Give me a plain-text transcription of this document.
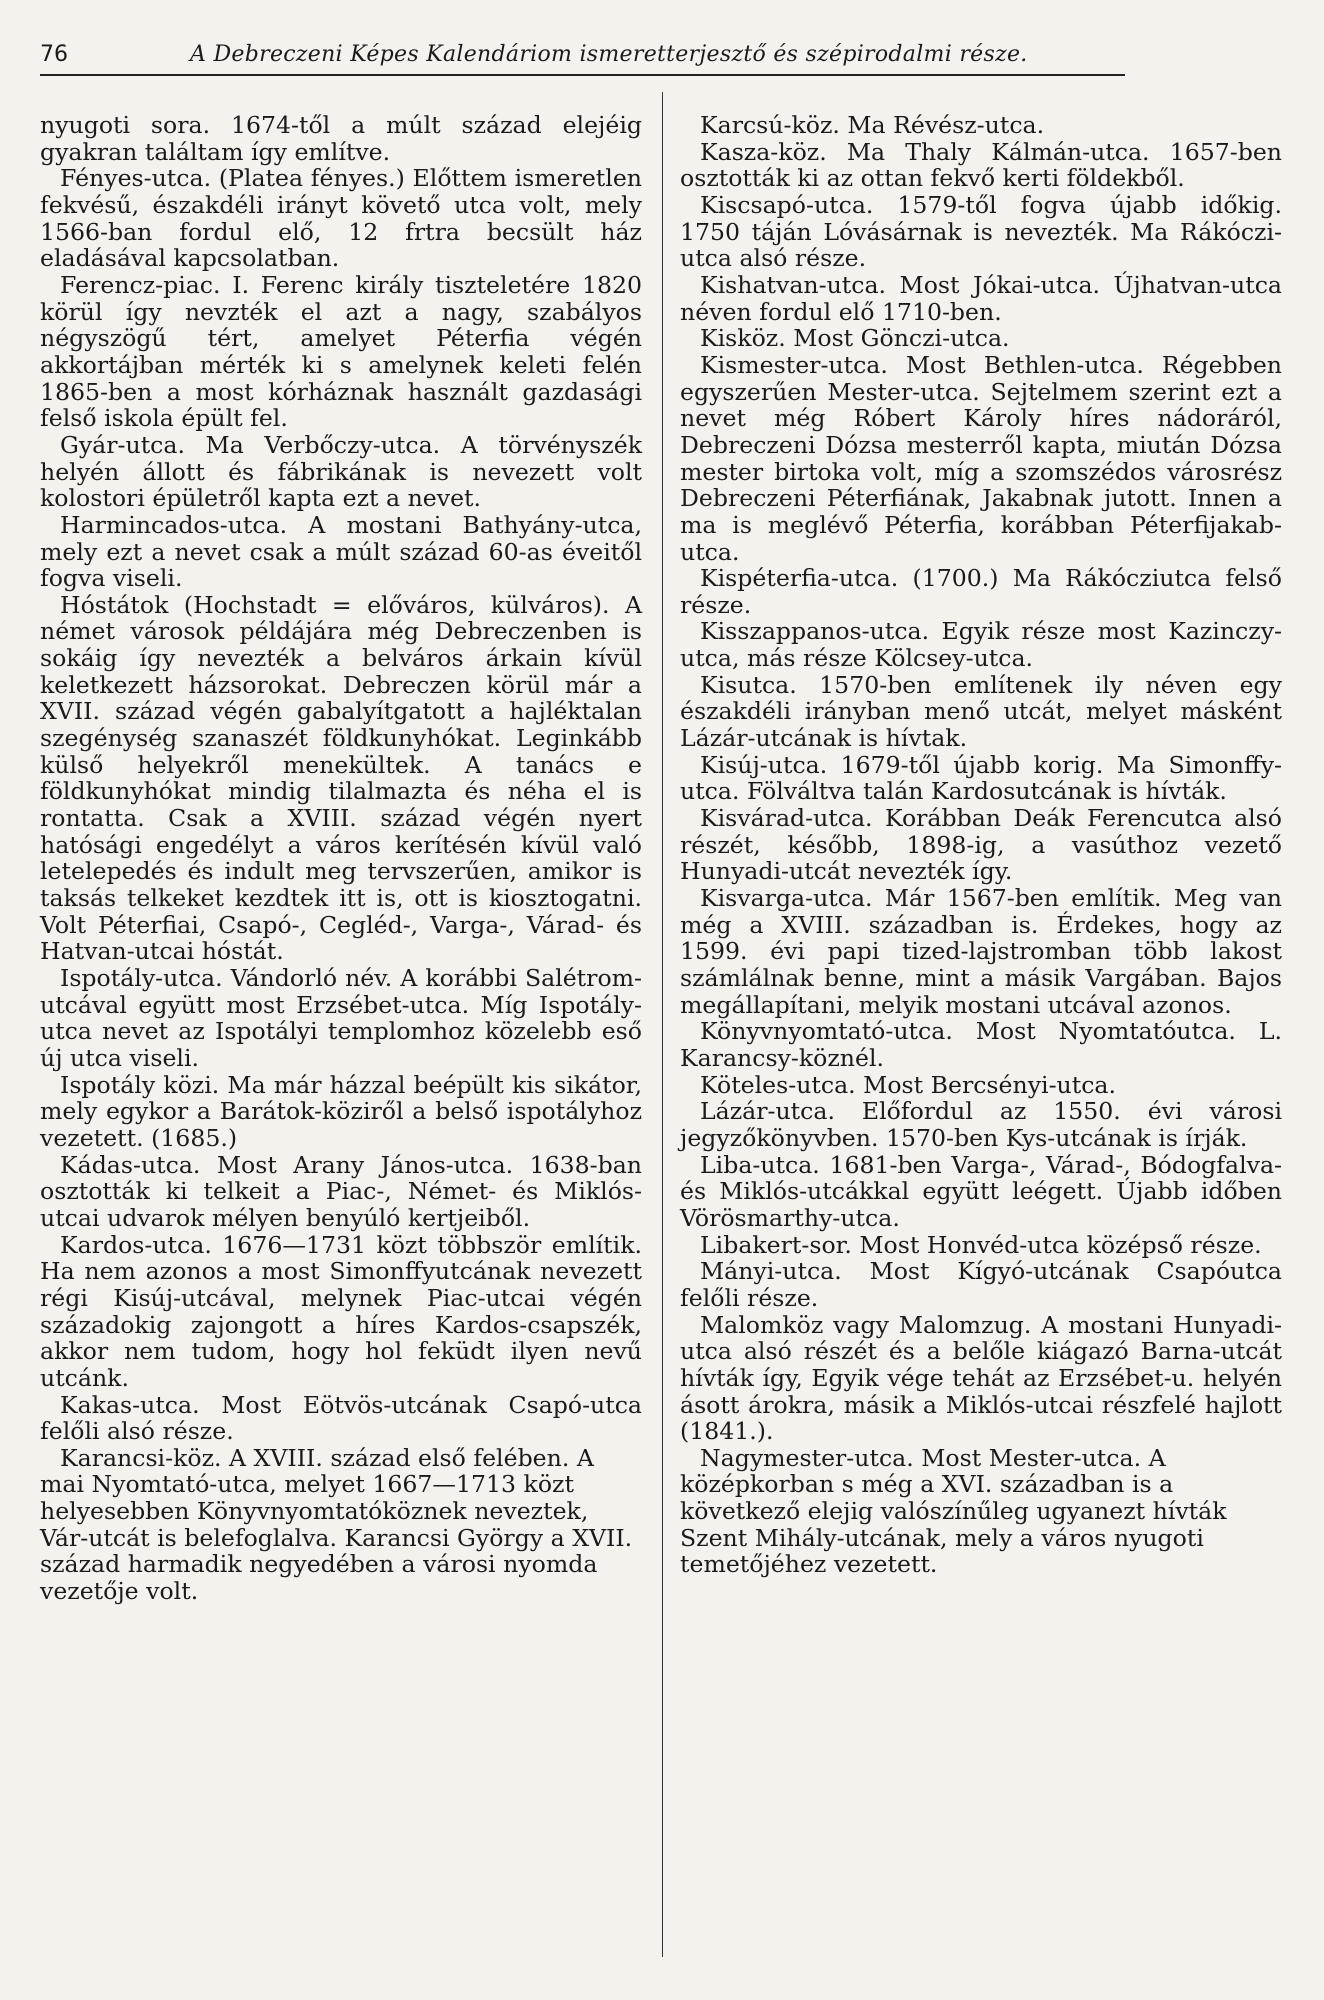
76	A Debreczeni Képes Kalendáriom ismeretterjesztő és szépirodalmi része.

nyugoti sora. 1674-től a múlt század elejéig gyakran találtam így említve.

Fényes-utca. (Platea fényes.) Előttem ismeretlen fekvésű, északdéli irányt követő utca volt, mely 1566-ban fordul elő, 12 frtra becsült ház eladásával kapcsolatban.

Ferencz-piac. I. Ferenc király tiszteletére 1820 körül így nevzték el azt a nagy, szabályos négyszögű tért, amelyet Péterfia végén akkortájban mérték ki s amelynek keleti felén 1865-ben a most kórháznak használt gazdasági felső iskola épült fel.

Gyár-utca. Ma Verbőczy-utca. A törvényszék helyén állott és fábrikának is nevezett volt kolostori épületről kapta ezt a nevet.

Harmincados-utca. A mostani Bathyány-utca, mely ezt a nevet csak a múlt század 60-as éveitől fogva viseli.

Hóstátok (Hochstadt = előváros, külváros). A német városok példájára még Debreczenben is sokáig így nevezték a belváros árkain kívül keletkezett házsorokat. Debreczen körül már a XVII. század végén gabalyítgatott a hajléktalan szegénység szanaszét földkunyhókat. Leginkább külső helyekről menekültek. A tanács e földkunyhókat mindig tilalmazta és néha el is rontatta. Csak a XVIII. század végén nyert hatósági engedélyt a város kerítésén kívül való letelepedés és indult meg tervszerűen, amikor is taksás telkeket kezdtek itt is, ott is kiosztogatni. Volt Péterfiai, Csapó-, Cegléd-, Varga-, Várad- és Hatvan-utcai hóstát.

Ispotály-utca. Vándorló név. A korábbi Salétrom-utcával együtt most Erzsébet-utca. Míg Ispotály-utca nevet az Ispotályi templomhoz közelebb eső új utca viseli.

Ispotály közi. Ma már házzal beépült kis sikátor, mely egykor a Barátok-köziről a belső ispotályhoz vezetett. (1685.)

Kádas-utca. Most Arany János-utca. 1638-ban osztották ki telkeit a Piac-, Német- és Miklós-utcai udvarok mélyen benyúló kertjeiből.

Kardos-utca. 1676—1731 közt többször említik. Ha nem azonos a most Simonffyutcának nevezett régi Kisúj-utcával, melynek Piac-utcai végén századokig zajongott a híres Kardos-csapszék, akkor nem tudom, hogy hol feküdt ilyen nevű utcánk.

Kakas-utca. Most Eötvös-utcának Csapó-utca felőli alsó része.

Karancsi-köz. A XVIII. század első felében. A mai Nyomtató-utca, melyet 1667—1713 közt helyesebben Könyvnyomtatóköznek neveztek, Vár-utcát is belefoglalva. Karancsi György a XVII. század harmadik negyedében a városi nyomda vezetője volt.

Karcsú-köz. Ma Révész-utca.

Kasza-köz. Ma Thaly Kálmán-utca. 1657-ben osztották ki az ottan fekvő kerti földekből.

Kiscsapó-utca. 1579-től fogva újabb időkig. 1750 táján Lóvásárnak is nevezték. Ma Rákóczi-utca alsó része.

Kishatvan-utca. Most Jókai-utca. Újhatvan-utca néven fordul elő 1710-ben.

Kisköz. Most Gönczi-utca.

Kismester-utca. Most Bethlen-utca. Régebben egyszerűen Mester-utca. Sejtelmem szerint ezt a nevet még Róbert Károly híres nádoráról, Debreczeni Dózsa mesterről kapta, miután Dózsa mester birtoka volt, míg a szomszédos városrész Debreczeni Péterfiának, Jakabnak jutott. Innen a ma is meglévő Péterfia, korábban Péterfijakab-utca.

Kispéterfia-utca. (1700.) Ma Rákócziutca felső része.

Kisszappanos-utca. Egyik része most Kazinczy-utca, más része Kölcsey-utca.

Kisutca. 1570-ben említenek ily néven egy északdéli irányban menő utcát, melyet másként Lázár-utcának is hívtak.

Kisúj-utca. 1679-től újabb korig. Ma Simonffy-utca. Fölváltva talán Kardosutcának is hívták.

Kisvárad-utca. Korábban Deák Ferencutca alsó részét, később, 1898-ig, a vasúthoz vezető Hunyadi-utcát nevezték így.

Kisvarga-utca. Már 1567-ben említik. Meg van még a XVIII. században is. Érdekes, hogy az 1599. évi papi tized-lajstromban több lakost számlálnak benne, mint a másik Vargában. Bajos megállapítani, melyik mostani utcával azonos.

Könyvnyomtató-utca. Most Nyomtatóutca. L. Karancsy-köznél.

Köteles-utca. Most Bercsényi-utca.

Lázár-utca. Előfordul az 1550. évi városi jegyzőkönyvben. 1570-ben Kys-utcának is írják.

Liba-utca. 1681-ben Varga-, Várad-, Bódogfalva- és Miklós-utcákkal együtt leégett. Újabb időben Vörösmarthy-utca.

Libakert-sor. Most Honvéd-utca középső része.

Mányi-utca. Most Kígyó-utcának Csapóutca felőli része.

Malomköz vagy Malomzug. A mostani Hunyadi-utca alsó részét és a belőle kiágazó Barna-utcát hívták így, Egyik vége tehát az Erzsébet-u. helyén ásott árokra, másik a Miklós-utcai részfelé hajlott (1841.).

Nagymester-utca. Most Mester-utca. A középkorban s még a XVI. században is a következő elejig valószínűleg ugyanezt hívták Szent Mihály-utcának, mely a város nyugoti temetőjéhez vezetett.
